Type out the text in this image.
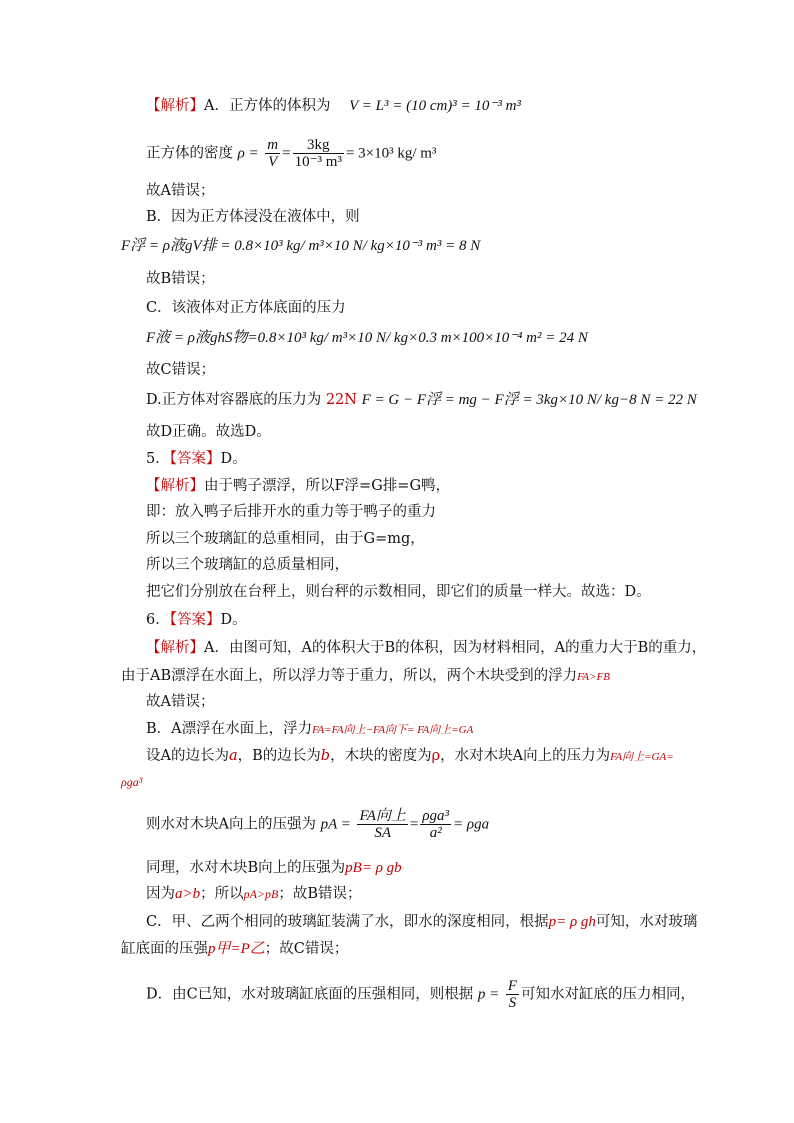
【解析】A．正方体的体积为 V = L³ = (10 cm)³ = 10⁻³ m³
正方体的密度 $\rho = \frac{m}{V} = \frac{3kg}{\text{10⁻³ m³}} = 3\times 10^3$ kg/ m³
故A错误；
B．因为正方体浸没在液体中，则
F浮 = ρ液gV排 = 0.8×10³ kg/ m³×10 N/ kg×10⁻³ m³ = 8 N
故B错误；
C．该液体对正方体底面的压力
F液 = ρ液ghS物=0.8×10³ kg/ m³×10 N/ kg×0.3 m×100×10⁻⁴ m² = 24 N
故C错误；
D.正方体对容器底的压力为 22N F = G − F浮 = mg − F浮 = 3kg×10 N/ kg−8 N = 22 N
故D正确。故选D。
5．【答案】D。
【解析】由于鸭子漂浮，所以F浮=G排=G鸭，
即：放入鸭子后排开水的重力等于鸭子的重力
所以三个玻璃缸的总重相同，由于G=mg，
所以三个玻璃缸的总质量相同，
把它们分别放在台秤上，则台秤的示数相同，即它们的质量一样大。故选：D。
6．【答案】D。
【解析】A．由图可知，A的体积大于B的体积，因为材料相同，A的重力大于B的重力，
由于AB漂浮在水面上，所以浮力等于重力，所以，两个木块受到的浮力FA>FB
故A错误；
B．A漂浮在水面上，浮力FA=FA向上−FA向下= FA向上=GA
设A的边长为a，B的边长为b，木块的密度为ρ，水对木块A向上的压力为FA向上=GA=
ρga³
则水对木块A向上的压强为 pA = $\frac{\text{FA向上}}{SA} = \frac{\text{ρga³}}{\text{a²}} = \rho ga$
同理，水对木块B向上的压强为pB= ρ gb
因为a>b；所以pA>pB；故B错误；
C．甲、乙两个相同的玻璃缸装满了水，即水的深度相同，根据p= ρ gh可知，水对玻璃
缸底面的压强p甲=P乙；故C错误；
D．由C已知，水对玻璃缸底面的压强相同，则根据 $p = \frac{F}{S}$ 可知水对缸底的压力相同，
